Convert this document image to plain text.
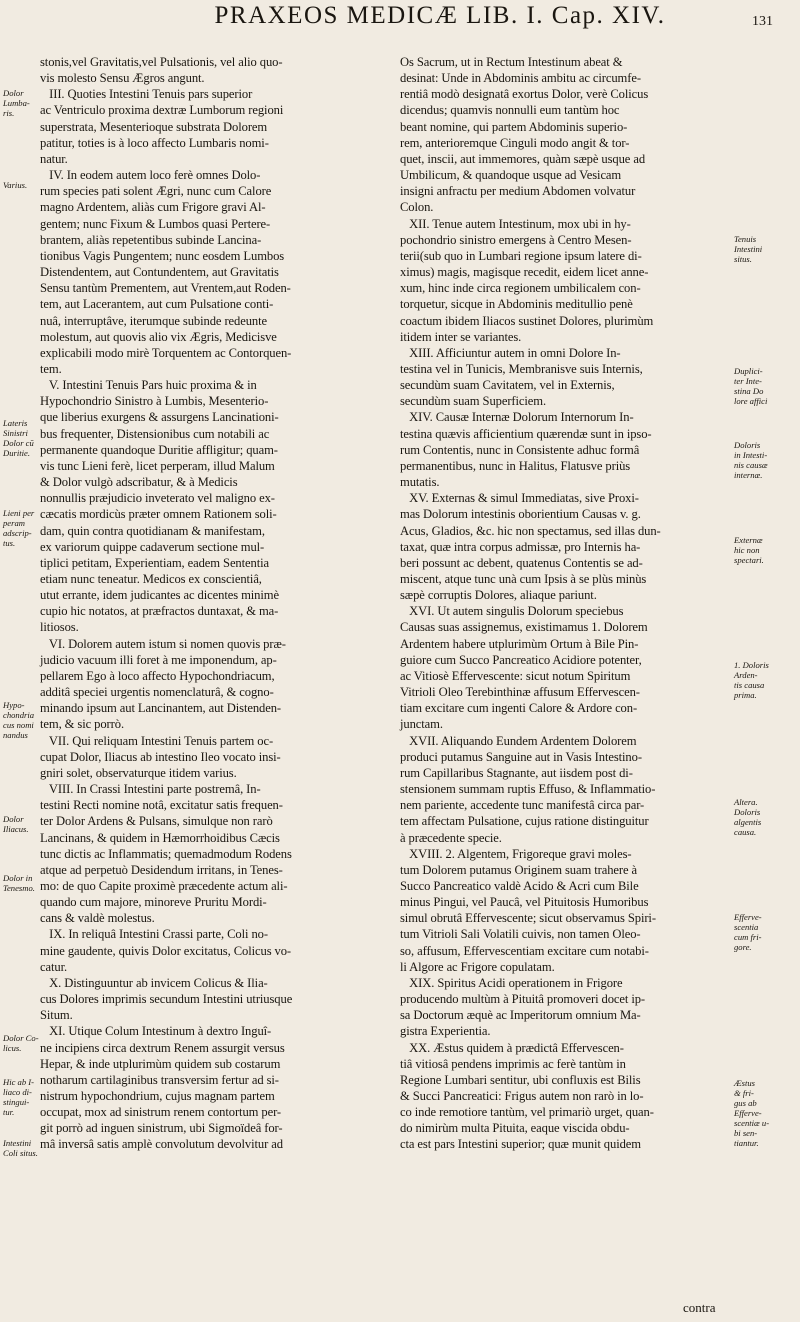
PRAXEOS MEDICÆ LIB. I. Cap. XIV.	131
Dolor
Lumba-
ris.
Varius.
Lateris
Sinistri
Dolor cū
Duritie.
Lieni per
peram
adscrip-
tus.
Hypo-
chondria
cus nomi
nandus
Dolor
Iliacus.
Dolor in
Tenesmo.
Dolor Co-
licus.
Hic ab I-
liaco di-
stingui-
tur.
Intestini
Coli situs.
Tenuis
Intestini
situs.
Duplici-
ter Inte-
stina Do
lore affici
Doloris
in Intesti-
nis causæ
internæ.
Externæ
hic non
spectari.
1. Doloris
Arden-
tis causa
prima.
Altera.
Doloris
algentis
causa.
Efferve-
scentia
cum fri-
gore.
Æstus
& fri-
gus ab
Efferve-
scentiæ u-
bi sen-
tiantur.
stonis,vel Gravitatis,vel Pulsationis, vel alio quo-
vis molesto Sensu Ægros angunt.
III. Quoties Intestini Tenuis pars superior
ac Ventriculo proxima dextræ Lumborum regioni
superstrata, Mesenterioque substrata Dolorem
patitur, toties is à loco affecto Lumbaris nomi-
natur.
IV. In eodem autem loco ferè omnes Dolo-
rum species pati solent Ægri, nunc cum Calore
magno Ardentem, aliàs cum Frigore gravi Al-
gentem; nunc Fixum & Lumbos quasi Pertere-
brantem, aliàs repetentibus subinde Lancina-
tionibus Vagis Pungentem; nunc eosdem Lumbos
Distendentem, aut Contundentem, aut Gravitatis
Sensu tantùm Prementem, aut Vrentem,aut Roden-
tem, aut Lacerantem, aut cum Pulsatione conti-
nuâ, interruptâve, iterumque subinde redeunte
molestum, aut quovis alio vix Ægris, Medicisve
explicabili modo mirè Torquentem ac Contorquen-
tem.
V. Intestini Tenuis Pars huic proxima & in
Hypochondrio Sinistro à Lumbis, Mesenterio-
que liberius exurgens & assurgens Lancinationi-
bus frequenter, Distensionibus cum notabili ac
permanente quandoque Duritie affligitur; quam-
vis tunc Lieni ferè, licet perperam, illud Malum
& Dolor vulgò adscribatur, & à Medicis
nonnullis præjudicio inveterato vel maligno ex-
cæcatis mordicùs præter omnem Rationem soli-
dam, quin contra quotidianam & manifestam,
ex variorum quippe cadaverum sectione mul-
tiplici petitam, Experientiam, eadem Sententia
etiam nunc teneatur. Medicos ex conscientiâ,
utut errante, idem judicantes ac dicentes minimè
cupio hic notatos, at præfractos duntaxat, & ma-
litiosos.
VI. Dolorem autem istum si nomen quovis præ-
judicio vacuum illi foret à me imponendum, ap-
pellarem Ego à loco affecto Hypochondriacum,
additâ speciei urgentis nomenclaturâ, & cogno-
minando ipsum aut Lancinantem, aut Distenden-
tem, & sic porrò.
VII. Qui reliquam Intestini Tenuis partem oc-
cupat Dolor, Iliacus ab intestino Ileo vocato insi-
gniri solet, observaturque itidem varius.
VIII. In Crassi Intestini parte postremâ, In-
testini Recti nomine notâ, excitatur satis frequen-
ter Dolor Ardens & Pulsans, simulque non rarò
Lancinans, & quidem in Hæmorrhoidibus Cæcis
tunc dictis ac Inflammatis; quemadmodum Rodens
atque ad perpetuò Desidendum irritans, in Tenes-
mo: de quo Capite proximè præcedente actum ali-
quando cum majore, minoreve Pruritu Mordi-
cans & valdè molestus.
IX. In reliquâ Intestini Crassi parte, Coli no-
mine gaudente, quivis Dolor excitatus, Colicus vo-
catur.
X. Distinguuntur ab invicem Colicus & Ilia-
cus Dolores imprimis secundum Intestini utriusque
Situm.
XI. Utique Colum Intestinum à dextro Inguî-
ne incipiens circa dextrum Renem assurgit versus
Hepar, & inde utplurimùm quidem sub costarum
notharum cartilaginibus transversim fertur ad si-
nistrum hypochondrium, cujus magnam partem
occupat, mox ad sinistrum renem contortum per-
git porrò ad inguen sinistrum, ubi Sigmoïdeâ for-
mâ inversâ satis amplè convolutum devolvitur ad
Os Sacrum, ut in Rectum Intestinum abeat &
desinat: Unde in Abdominis ambitu ac circumfe-
rentiâ modò designatâ exortus Dolor, verè Colicus
dicendus; quamvis nonnulli eum tantùm hoc
beant nomine, qui partem Abdominis superio-
rem, anterioremque Cinguli modo angit & tor-
quet, inscii, aut immemores, quàm sæpè usque ad
Umbilicum, & quandoque usque ad Vesicam
insigni anfractu per medium Abdomen volvatur
Colon.
XII. Tenue autem Intestinum, mox ubi in hy-
pochondrio sinistro emergens à Centro Mesen-
terii(sub quo in Lumbari regione ipsum latere di-
ximus) magis, magisque recedit, eidem licet anne-
xum, hinc inde circa regionem umbilicalem con-
torquetur, sicque in Abdominis meditullio penè
coactum ibidem Iliacos sustinet Dolores, plurimùm
itidem inter se variantes.
XIII. Afficiuntur autem in omni Dolore In-
testina vel in Tunicis, Membranisve suis Internis,
secundùm suam Cavitatem, vel in Externis,
secundùm suam Superficiem.
XIV. Causæ Internæ Dolorum Internorum In-
testina quævis afficientium quærendæ sunt in ipso-
rum Contentis, nunc in Consistente adhuc formâ
permanentibus, nunc in Halitus, Flatusve priùs
mutatis.
XV. Externas & simul Immediatas, sive Proxi-
mas Dolorum intestinis oborientium Causas v. g.
Acus, Gladios, &c. hic non spectamus, sed illas dun-
taxat, quæ intra corpus admissæ, pro Internis ha-
beri possunt ac debent, quatenus Contentis se ad-
miscent, atque tunc unà cum Ipsis à se plùs minùs
sæpè corruptis Dolores, aliaque pariunt.
XVI. Ut autem singulis Dolorum speciebus
Causas suas assignemus, existimamus 1. Dolorem
Ardentem habere utplurimùm Ortum à Bile Pin-
guiore cum Succo Pancreatico Acidiore potenter,
ac Vitiosè Effervescente: sicut notum Spiritum
Vitrioli Oleo Terebinthinæ affusum Effervescen-
tiam excitare cum ingenti Calore & Ardore con-
junctam.
XVII. Aliquando Eundem Ardentem Dolorem
produci putamus Sanguine aut in Vasis Intestino-
rum Capillaribus Stagnante, aut iisdem post di-
stensionem summam ruptis Effuso, & Inflammatio-
nem pariente, accedente tunc manifestâ circa par-
tem affectam Pulsatione, cujus ratione distinguitur
à præcedente specie.
XVIII. 2. Algentem, Frigoreque gravi moles-
tum Dolorem putamus Originem suam trahere à
Succo Pancreatico valdè Acido & Acri cum Bile
minus Pingui, vel Paucâ, vel Pituitosis Humoribus
simul obrutâ Effervescente; sicut observamus Spiri-
tum Vitrioli Sali Volatili cuivis, non tamen Oleo-
so, affusum, Effervescentiam excitare cum notabi-
li Algore ac Frigore copulatam.
XIX. Spiritus Acidi operationem in Frigore
producendo multùm à Pituitâ promoveri docet ip-
sa Doctorum æquè ac Imperitorum omnium Ma-
gistra Experientia.
XX. Æstus quidem à prædictâ Effervescen-
tiâ vitiosâ pendens imprimis ac ferè tantùm in
Regione Lumbari sentitur, ubi confluxis est Bilis
& Succi Pancreatici: Frigus autem non rarò in lo-
co inde remotiore tantùm, vel primariò urget, quan-
do nimirùm multa Pituita, eaque viscida obdu-
cta est pars Intestini superior; quæ munit quidem
contra
